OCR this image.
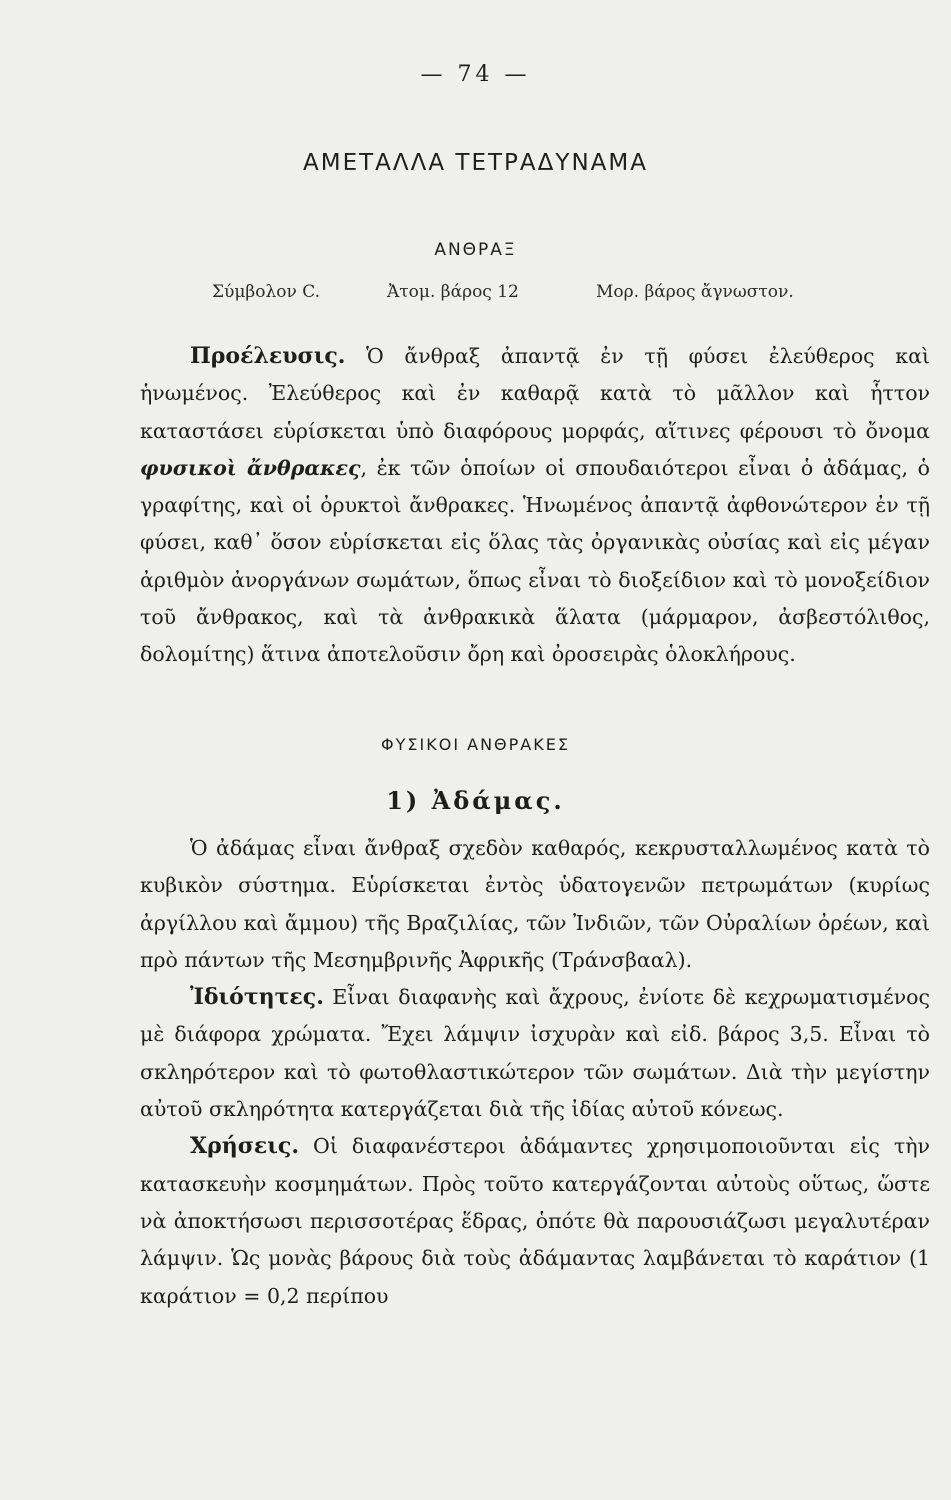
— 74 —
ΑΜΕΤΑΛΛΑ ΤΕΤΡΑΔΥΝΑΜΑ
ΑΝΘΡΑΞ
Σύμβολον C.	Ἀτομ. βάρος 12	Μορ. βάρος ἄγνωστον.

Προέλευσις. Ὁ ἄνθραξ ἀπαντᾷ ἐν τῇ φύσει ἐλεύθερος καὶ ἡνωμένος. Ἐλεύθερος καὶ ἐν καθαρᾷ κατὰ τὸ μᾶλλον καὶ ἧττον καταστάσει εὑρίσκεται ὑπὸ διαφόρους μορφάς, αἵτινες φέρουσι τὸ ὄνομα φυσικοὶ ἄνθρακες, ἐκ τῶν ὁποίων οἱ σπουδαιότεροι εἶναι ὁ ἀδάμας, ὁ γραφίτης, καὶ οἱ ὀρυκτοὶ ἄνθρακες. Ἡνωμένος ἀπαντᾷ ἀφθονώτερον ἐν τῇ φύσει, καθ᾿ ὅσον εὑρίσκεται εἰς ὅλας τὰς ὀργανικὰς οὐσίας καὶ εἰς μέγαν ἀριθμὸν ἀνοργάνων σωμάτων, ὅπως εἶναι τὸ διοξείδιον καὶ τὸ μονοξείδιον τοῦ ἄνθρακος, καὶ τὰ ἀνθρακικὰ ἅλατα (μάρμαρον, ἀσβεστόλιθος, δολομίτης) ἅτινα ἀποτελοῦσιν ὄρη καὶ ὀροσειρὰς ὁλοκλήρους.

ΦΥΣΙΚΟΙ ΑΝΘΡΑΚΕΣ
1) Ἀδάμας.

Ὁ ἀδάμας εἶναι ἄνθραξ σχεδὸν καθαρός, κεκρυσταλλωμένος κατὰ τὸ κυβικὸν σύστημα. Εὑρίσκεται ἐντὸς ὑδατογενῶν πετρωμάτων (κυρίως ἀργίλλου καὶ ἄμμου) τῆς Βραζιλίας, τῶν Ἰνδιῶν, τῶν Οὐραλίων ὀρέων, καὶ πρὸ πάντων τῆς Μεσημβρινῆς Ἀφρικῆς (Τράνσβααλ).

Ἰδιότητες. Εἶναι διαφανὴς καὶ ἄχρους, ἐνίοτε δὲ κεχρωματισμένος μὲ διάφορα χρώματα. Ἔχει λάμψιν ἰσχυρὰν καὶ εἰδ. βάρος 3,5. Εἶναι τὸ σκληρότερον καὶ τὸ φωτοθλαστικώτερον τῶν σωμάτων. Διὰ τὴν μεγίστην αὐτοῦ σκληρότητα κατεργάζεται διὰ τῆς ἰδίας αὐτοῦ κόνεως.

Χρήσεις. Οἱ διαφανέστεροι ἀδάμαντες χρησιμοποιοῦνται εἰς τὴν κατασκευὴν κοσμημάτων. Πρὸς τοῦτο κατεργάζονται αὐτοὺς οὕτως, ὥστε νὰ ἀποκτήσωσι περισσοτέρας ἕδρας, ὁπότε θὰ παρουσιάζωσι μεγαλυτέραν λάμψιν. Ὡς μονὰς βάρους διὰ τοὺς ἀδάμαντας λαμβάνεται τὸ καράτιον (1 καράτιον = 0,2 περίπου
